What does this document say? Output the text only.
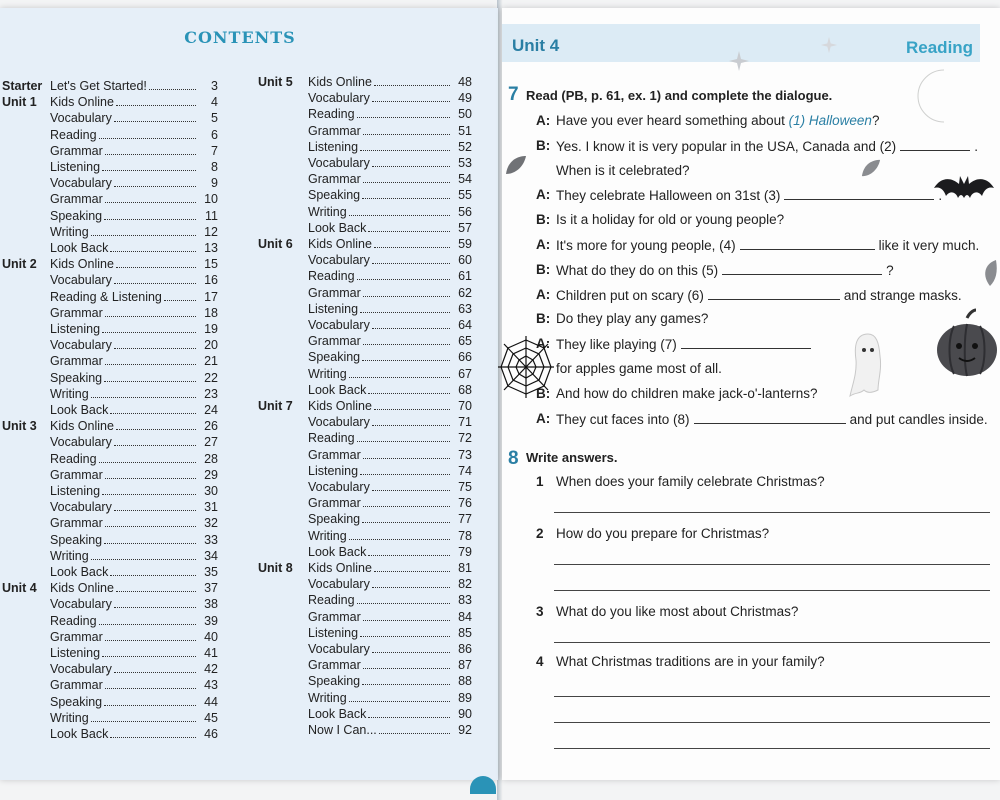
CONTENTS
Starter Let's Get Started!	3
Unit 1 Kids Online	4
Vocabulary	5
Reading	6
Grammar	7
Listening	8
Vocabulary	9
Grammar	10
Speaking	11
Writing	12
Look Back	13
Unit 2 Kids Online	15
Vocabulary	16
Reading & Listening	17
Grammar	18
Listening	19
Vocabulary	20
Grammar	21
Speaking	22
Writing	23
Look Back	24
Unit 3 Kids Online	26
Vocabulary	27
Reading	28
Grammar	29
Listening	30
Vocabulary	31
Grammar	32
Speaking	33
Writing	34
Look Back	35
Unit 4 Kids Online	37
Vocabulary	38
Reading	39
Grammar	40
Listening	41
Vocabulary	42
Grammar	43
Speaking	44
Writing	45
Look Back	46
Unit 5 Kids Online	48
Vocabulary	49
Reading	50
Grammar	51
Listening	52
Vocabulary	53
Grammar	54
Speaking	55
Writing	56
Look Back	57
Unit 6 Kids Online	59
Vocabulary	60
Reading	61
Grammar	62
Listening	63
Vocabulary	64
Grammar	65
Speaking	66
Writing	67
Look Back	68
Unit 7 Kids Online	70
Vocabulary	71
Reading	72
Grammar	73
Listening	74
Vocabulary	75
Grammar	76
Speaking	77
Writing	78
Look Back	79
Unit 8 Kids Online	81
Vocabulary	82
Reading	83
Grammar	84
Listening	85
Vocabulary	86
Grammar	87
Speaking	88
Writing	89
Look Back	90
Now I Can...	92
Unit 4	Reading
7 Read (PB, p. 61, ex. 1) and complete the dialogue.
A: Have you ever heard something about (1) Halloween?
B: Yes. I know it is very popular in the USA, Canada and (2)	.
When is it celebrated?
A: They celebrate Halloween on 31st (3)	.
B: Is it a holiday for old or young people?
A: It's more for young people, (4)	like it very much.
B: What do they do on this (5)	?
A: Children put on scary (6)	and strange masks.
B: Do they play any games?
A: They like playing (7)
for apples game most of all.
B: And how do children make jack-o'-lanterns?
A: They cut faces into (8)	and put candles inside.
8 Write answers.
1 When does your family celebrate Christmas?
2 How do you prepare for Christmas?
3 What do you like most about Christmas?
4 What Christmas traditions are in your family?
